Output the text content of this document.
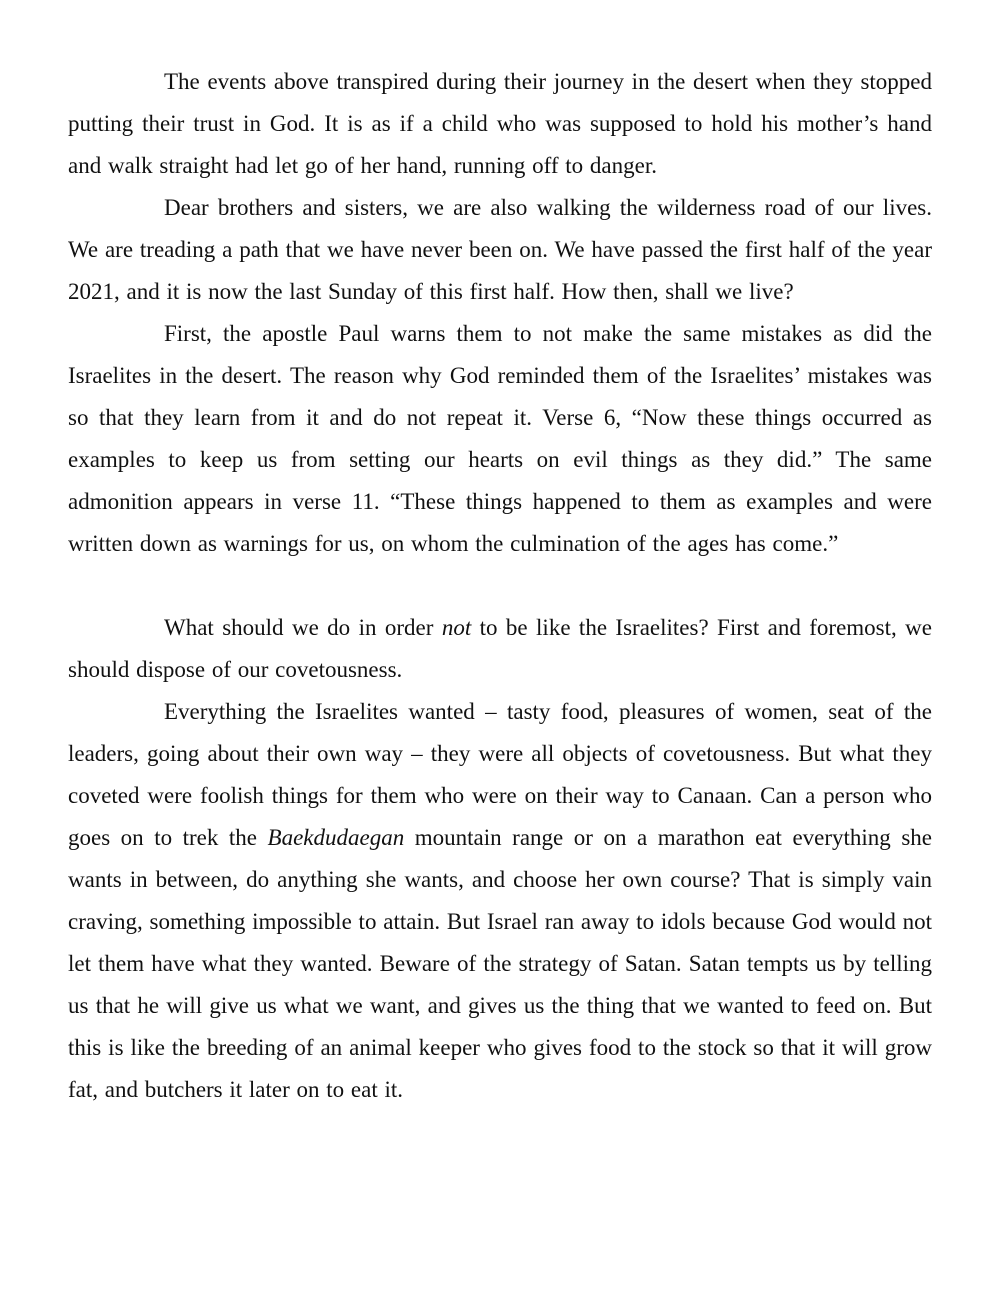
The events above transpired during their journey in the desert when they stopped putting their trust in God. It is as if a child who was supposed to hold his mother’s hand and walk straight had let go of her hand, running off to danger.

Dear brothers and sisters, we are also walking the wilderness road of our lives. We are treading a path that we have never been on. We have passed the first half of the year 2021, and it is now the last Sunday of this first half. How then, shall we live?

First, the apostle Paul warns them to not make the same mistakes as did the Israelites in the desert. The reason why God reminded them of the Israelites’ mistakes was so that they learn from it and do not repeat it. Verse 6, “Now these things occurred as examples to keep us from setting our hearts on evil things as they did.” The same admonition appears in verse 11. “These things happened to them as examples and were written down as warnings for us, on whom the culmination of the ages has come.”

What should we do in order not to be like the Israelites? First and foremost, we should dispose of our covetousness.

Everything the Israelites wanted – tasty food, pleasures of women, seat of the leaders, going about their own way – they were all objects of covetousness. But what they coveted were foolish things for them who were on their way to Canaan. Can a person who goes on to trek the Baekdudaegan mountain range or on a marathon eat everything she wants in between, do anything she wants, and choose her own course? That is simply vain craving, something impossible to attain. But Israel ran away to idols because God would not let them have what they wanted. Beware of the strategy of Satan. Satan tempts us by telling us that he will give us what we want, and gives us the thing that we wanted to feed on. But this is like the breeding of an animal keeper who gives food to the stock so that it will grow fat, and butchers it later on to eat it.
